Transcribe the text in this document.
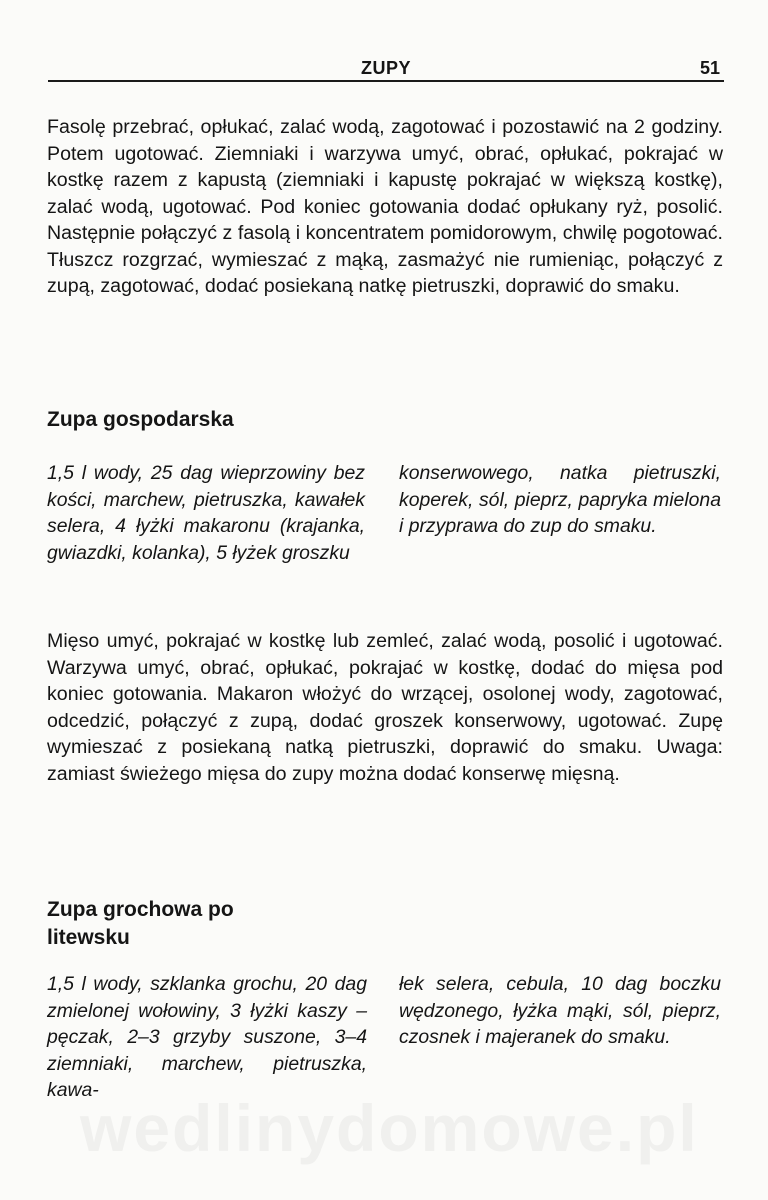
ZUPY	51

Fasolę przebrać, opłukać, zalać wodą, zagotować i pozostawić na 2 godziny. Potem ugotować. Ziemniaki i warzywa umyć, obrać, opłukać, pokrajać w kostkę razem z kapustą (ziemniaki i kapustę pokrajać w większą kostkę), zalać wodą, ugotować. Pod koniec gotowania dodać opłukany ryż, posolić. Następnie połączyć z fasolą i koncentratem pomidorowym, chwilę pogotować. Tłuszcz rozgrzać, wymieszać z mąką, zasmażyć nie rumieniąc, połączyć z zupą, zagotować, dodać posiekaną natkę pietruszki, doprawić do smaku.

Zupa gospodarska

1,5 l wody, 25 dag wieprzowiny bez kości, marchew, pietruszka, kawałek selera, 4 łyżki makaronu (krajanka, gwiazdki, kolanka), 5 łyżek groszku

konserwowego, natka pietruszki, koperek, sól, pieprz, papryka mielona i przyprawa do zup do smaku.

Mięso umyć, pokrajać w kostkę lub zemleć, zalać wodą, posolić i ugotować. Warzywa umyć, obrać, opłukać, pokrajać w kostkę, dodać do mięsa pod koniec gotowania. Makaron włożyć do wrzącej, osolonej wody, zagotować, odcedzić, połączyć z zupą, dodać groszek konserwowy, ugotować. Zupę wymieszać z posiekaną natką pietruszki, doprawić do smaku. Uwaga: zamiast świeżego mięsa do zupy można dodać konserwę mięsną.

Zupa grochowa po
litewsku

1,5 l wody, szklanka grochu, 20 dag zmielonej wołowiny, 3 łyżki kaszy – pęczak, 2–3 grzyby suszone, 3–4 ziemniaki, marchew, pietruszka, kawa-

łek selera, cebula, 10 dag boczku wędzonego, łyżka mąki, sól, pieprz, czosnek i majeranek do smaku.

wedlinydomowe.pl
